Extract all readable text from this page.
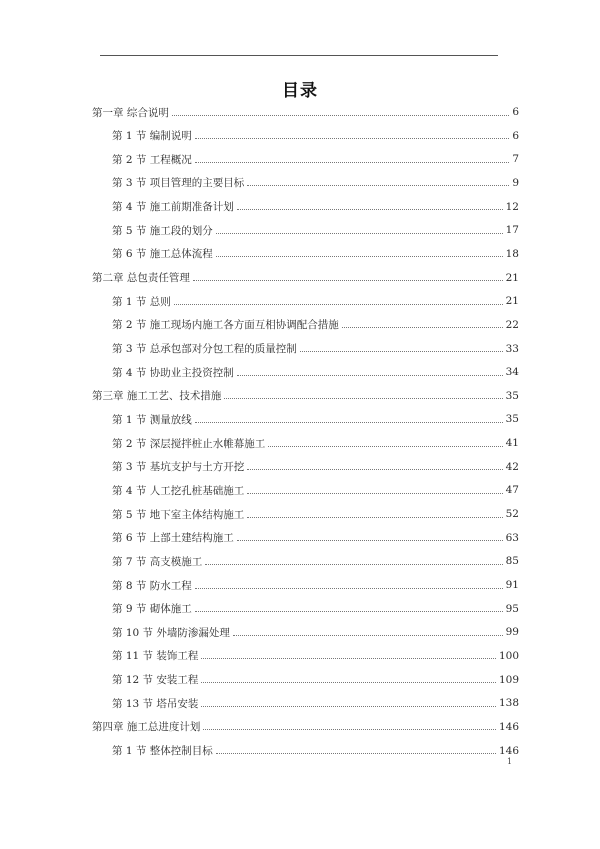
目录
第一章 综合说明	6
第 1 节 编制说明	6
第 2 节 工程概况	7
第 3 节 项目管理的主要目标	9
第 4 节 施工前期准备计划	12
第 5 节 施工段的划分	17
第 6 节 施工总体流程	18
第二章 总包责任管理	21
第 1 节 总则	21
第 2 节 施工现场内施工各方面互相协调配合措施	22
第 3 节 总承包部对分包工程的质量控制	33
第 4 节 协助业主投资控制	34
第三章 施工工艺、技术措施	35
第 1 节 测量放线	35
第 2 节 深层搅拌桩止水帷幕施工	41
第 3 节 基坑支护与土方开挖	42
第 4 节 人工挖孔桩基础施工	47
第 5 节 地下室主体结构施工	52
第 6 节 上部土建结构施工	63
第 7 节 高支模施工	85
第 8 节 防水工程	91
第 9 节 砌体施工	95
第 10 节 外墙防渗漏处理	99
第 11 节 装饰工程	100
第 12 节 安装工程	109
第 13 节 塔吊安装	138
第四章 施工总进度计划	146
第 1 节 整体控制目标	146
1
